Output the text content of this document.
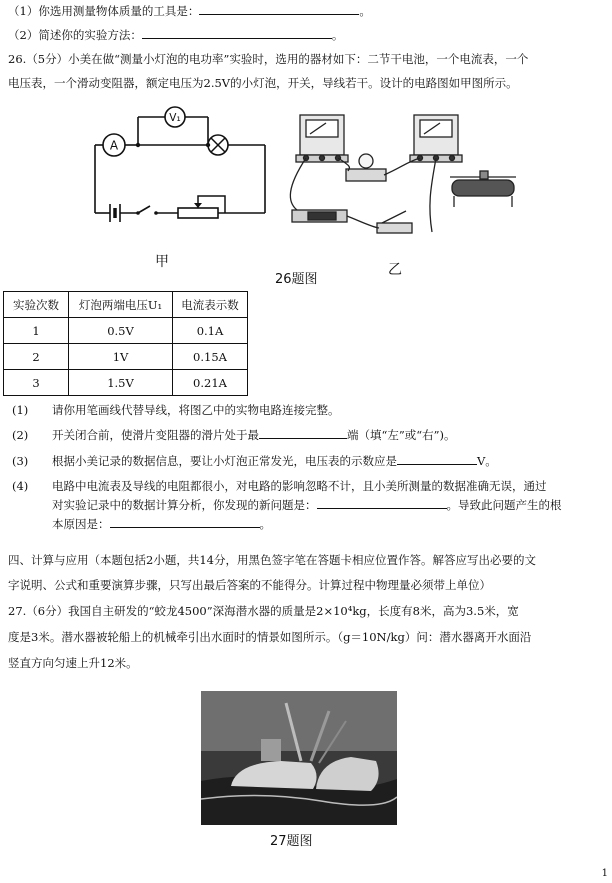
（1）你选用测量物体质量的工具是：	。
（2）简述你的实验方法：	。
26.（5分）小美在做“测量小灯泡的电功率”实验时，选用的器材如下：二节干电池，一个电流表，一个
电压表，一个滑动变阻器，额定电压为2.5V的小灯泡，开关，导线若干。设计的电路图如甲图所示。
A
V₁
甲
26题图
乙
实验次数	灯泡两端电压U₁	电流表示数
1	0.5V	0.1A
2	1V	0.15A
3	1.5V	0.21A
(1) 请你用笔画线代替导线，将图乙中的实物电路连接完整。
(2) 开关闭合前，使滑片变阻器的滑片处于最	端（填“左”或“右”)。
(3) 根据小美记录的数据信息，要让小灯泡正常发光，电压表的示数应是	V。
(4) 电路中电流表及导线的电阻都很小，对电路的影响忽略不计，且小美所测量的数据准确无误，通过
对实验记录中的数据计算分析，你发现的新问题是：	。导致此问题产生的根
本原因是：	。
四、计算与应用（本题包括2小题，共14分，用黑色签字笔在答题卡相应位置作答。解答应写出必要的文
字说明、公式和重要演算步骤，只写出最后答案的不能得分。计算过程中物理量必须带上单位）
27.（6分）我国自主研发的“蛟龙4500”深海潜水器的质量是2×10⁴kg，长度有8米，高为3.5米，宽
度是3米。潜水器被轮船上的机械牵引出水面时的情景如图所示。（g＝10N/kg）问：潜水器离开水面沿
竖直方向匀速上升12米。
27题图
1
